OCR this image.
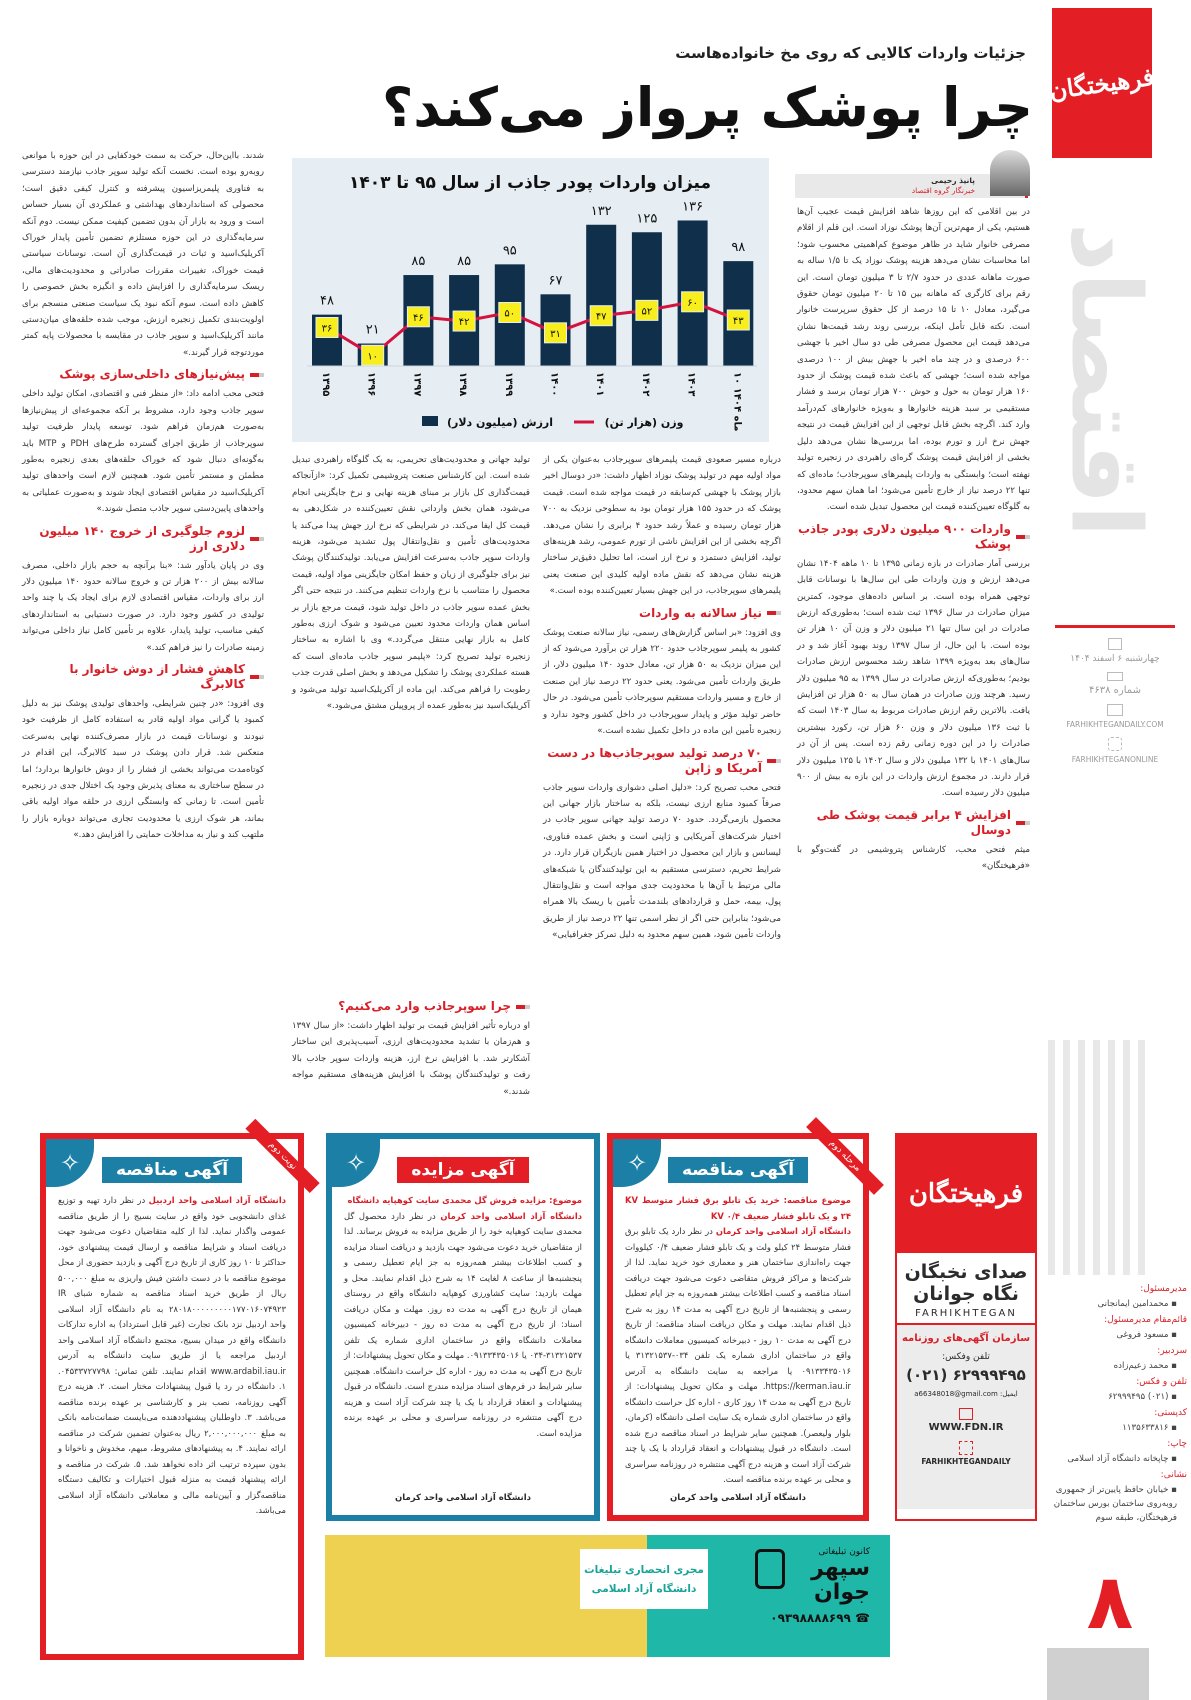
فرهیختگان
اقتصاد
چهارشنبه ۶ اسفند ۱۴۰۴
شماره ۴۶۳۸
FARHIKHTEGANDAILY.COM
FARHIKHTEGANONLINE
مدیرمسئول:
▪ محمدامین ایمانجانی
قائم‌مقام مدیرمسئول:
▪ مسعود فروغی
سردبیر:
▪ محمد زعیم‌زاده
تلفن و فکس:
▪ (۰۲۱) ۶۲۹۹۹۴۹۵
کدپستی:
▪ ۱۱۳۵۶۳۳۸۱۶
چاپ:
▪ چاپخانه دانشگاه آزاد اسلامی
نشانی:
▪ خیابان حافظ پایین‌تر از جمهوری روبه‌روی ساختمان بورس ساختمان فرهیختگان، طبقه سوم
۸
جزئیات واردات کالایی که روی مخ خانواده‌هاست
چرا پوشک پرواز می‌کند؟
پانیذ رحیمی
خبرنگار گروه اقتصاد
میزان واردات پودر جاذب از سال ۹۵ تا ۱۴۰۳
۴۸
۱۳۹۵
۲۱
۱۳۹۶
۸۵
۱۳۹۷
۸۵
۱۳۹۸
۹۵
۱۳۹۹
۶۷
۱۴۰۰
۱۳۲
۱۴۰۱
۱۲۵
۱۴۰۲
۱۳۶
۱۴۰۳
۹۸
۱۰ ماه ۱۴۰۴
۳۶
۱۰
۴۶	۴۲
۵۰
۳۱
۴۷	۵۲
۶۰
۴۳
وزن (هزار تن)
ارزش (میلیون دلار)

در بین اقلامی که این روزها شاهد افزایش قیمت عجیب آن‌ها هستیم، یکی از مهم‌ترین آن‌ها پوشک نوزاد است. این قلم از اقلام مصرفی خانوار شاید در ظاهر موضوع کم‌اهمیتی محسوب شود؛ اما محاسبات نشان می‌دهد هزینه پوشک نوزاد یک تا ۱/۵ ساله به صورت ماهانه عددی در حدود ۲/۷ تا ۳ میلیون تومان است. این رقم برای کارگری که ماهانه بین ۱۵ تا ۲۰ میلیون تومان حقوق می‌گیرد، معادل ۱۰ تا ۱۵ درصد از کل حقوق سرپرست خانوار است. نکته قابل تأمل اینکه، بررسی روند رشد قیمت‌ها نشان می‌دهد قیمت این محصول مصرفی طی دو سال اخیر با جهشی ۶۰۰ درصدی و در چند ماه اخیر با جهش بیش از ۱۰۰ درصدی مواجه شده است؛ جهشی که باعث شده قیمت پوشک از حدود ۱۶۰ هزار تومان به حول و حوش ۷۰۰ هزار تومان برسد و فشار مستقیمی بر سبد هزینه خانوارها و به‌ویژه خانوارهای کم‌درآمد وارد کند. اگرچه بخش قابل توجهی از این افزایش قیمت در نتیجه جهش نرخ ارز و تورم بوده، اما بررسی‌ها نشان می‌دهد دلیل بخشی از افزایش قیمت پوشک گره‌ای راهبردی در زنجیره تولید نهفته است؛ وابستگی به واردات پلیمر‌های سوپرجاذب؛ ماده‌ای که تنها ۲۲ درصد نیاز از خارج تأمین می‌شود؛ اما همان سهم محدود، به گلوگاه تعیین‌کننده قیمت این محصول تبدیل شده است.

واردات ۹۰۰ میلیون دلاری پودر جاذب پوشک

بررسی آمار صادرات در بازه زمانی ۱۳۹۵ تا ۱۰ ماهه ۱۴۰۴ نشان می‌دهد ارزش و وزن واردات طی این سال‌ها با نوسانات قابل توجهی همراه بوده است. بر اساس داده‌های موجود، کمترین میزان صادرات در سال ۱۳۹۶ ثبت شده است؛ به‌طوری‌که ارزش صادرات در این سال تنها ۲۱ میلیون دلار و وزن آن ۱۰ هزار تن بوده است. با این حال، از سال ۱۳۹۷ روند بهبود آغاز شد و در سال‌های بعد به‌ویژه ۱۳۹۹ شاهد رشد محسوس ارزش صادرات بودیم؛ به‌طوری‌که ارزش صادرات در سال ۱۳۹۹ به ۹۵ میلیون دلار رسید. هرچند وزن صادرات در همان سال به ۵۰ هزار تن افزایش یافت. بالاترین رقم ارزش صادرات مربوط به سال ۱۴۰۳ است که با ثبت ۱۳۶ میلیون دلار و وزن ۶۰ هزار تن، رکورد بیشترین صادرات را در این دوره زمانی رقم زده است. پس از آن در سال‌های ۱۴۰۱ با ۱۳۲ میلیون دلار و سال ۱۴۰۲ با ۱۲۵ میلیون دلار قرار دارند. در مجموع ارزش واردات در این بازه به بیش از ۹۰۰ میلیون دلار رسیده است.

افزایش ۴ برابر قیمت پوشک طی دوسال

میثم فتحی محب، کارشناس پتروشیمی در گفت‌وگو با «فرهیختگان»

درباره مسیر صعودی قیمت پلیمر‌های سوپرجاذب به‌عنوان یکی از مواد اولیه مهم در تولید پوشک نوزاد اظهار داشت: «در دوسال اخیر بازار پوشک با جهشی کم‌سابقه در قیمت مواجه شده است. قیمت پوشک که در حدود ۱۵۵ هزار تومان بود به سطوحی نزدیک به ۷۰۰ هزار تومان رسیده و عملاً رشد حدود ۴ برابری را نشان می‌دهد. اگرچه بخشی از این افزایش ناشی از تورم عمومی، رشد هزینه‌های تولید، افزایش دستمزد و نرخ ارز است، اما تحلیل دقیق‌تر ساختار هزینه نشان می‌دهد که نقش ماده اولیه کلیدی این صنعت یعنی پلیمرهای سوپرجاذب، در این جهش بسیار تعیین‌کننده بوده است.»

نیاز سالانه به واردات

وی افزود: «بر اساس گزارش‌های رسمی، نیاز سالانه صنعت پوشک کشور به پلیمر سوپرجاذب حدود ۲۲۰ هزار تن برآورد می‌شود که از این میزان نزدیک به ۵۰ هزار تن، معادل حدود ۱۴۰ میلیون دلار، از طریق واردات تأمین می‌شود. یعنی حدود ۲۲ درصد نیاز این صنعت از خارج و مسیر واردات مستقیم سوپرجاذب تأمین می‌شود. در حال حاضر تولید مؤثر و پایدار سوپرجاذب در داخل کشور وجود ندارد و زنجیره تأمین این ماده در داخل تکمیل نشده است.»

۷۰ درصد تولید سوپرجاذب‌ها در دست آمریکا و ژاپن

فتحی محب تصریح کرد: «دلیل اصلی دشواری واردات سوپر جاذب صرفاً کمبود منابع ارزی نیست، بلکه به ساختار بازار جهانی این محصول بازمی‌گردد. حدود ۷۰ درصد تولید جهانی سوپر جاذب در اختیار شرکت‌های آمریکایی و ژاپنی است و بخش عمده فناوری، لیسانس و بازار این محصول در اختیار همین بازیگران قرار دارد. در شرایط تحریم، دسترسی مستقیم به این تولیدکنندگان یا شبکه‌های مالی مرتبط با آن‌ها با محدودیت جدی مواجه است و نقل‌وانتقال پول، بیمه، حمل و قراردادهای بلندمدت تأمین با ریسک بالا همراه می‌شود؛ بنابراین حتی اگر از نظر اسمی تنها ۲۲ درصد نیاز از طریق واردات تأمین شود، همین سهم محدود به دلیل تمرکز جغرافیایی»

تولید جهانی و محدودیت‌های تحریمی، به یک گلوگاه راهبردی تبدیل شده است. این کارشناس صنعت پتروشیمی تکمیل کرد: «ازآنجاکه قیمت‌گذاری کل بازار بر مبنای هزینه نهایی و نرخ جایگزینی انجام می‌شود، همان بخش وارداتی نقش تعیین‌کننده در شکل‌دهی به قیمت کل ایفا می‌کند. در شرایطی که نرخ ارز جهش پیدا می‌کند یا محدودیت‌های تأمین و نقل‌وانتقال پول تشدید می‌شود، هزینه واردات سوپر جاذب به‌سرعت افزایش می‌یابد. تولیدکنندگان پوشک نیز برای جلوگیری از زیان و حفظ امکان جایگزینی مواد اولیه، قیمت محصول را متناسب با نرخ واردات تنظیم می‌کنند. در نتیجه حتی اگر بخش عمده سوپر جاذب در داخل تولید شود، قیمت مرجع بازار بر اساس همان واردات محدود تعیین می‌شود و شوک ارزی به‌طور کامل به بازار نهایی منتقل می‌گردد.» وی با اشاره به ساختار زنجیره تولید تصریح کرد: «پلیمر سوپر جاذب ماده‌ای است که هسته عملکردی پوشک را تشکیل می‌دهد و بخش اصلی قدرت جذب رطوبت را فراهم می‌کند. این ماده از آکریلیک‌اسید تولید می‌شود و آکریلیک‌اسید نیز به‌طور عمده از پروپیلن مشتق می‌شود.»

چرا سوپرجاذب وارد می‌کنیم؟

او درباره تأثیر افزایش قیمت بر تولید اظهار داشت: «از سال ۱۳۹۷ و هم‌زمان با تشدید محدودیت‌های ارزی، آسیب‌پذیری این ساختار آشکارتر شد. با افزایش نرخ ارز، هزینه واردات سوپر جاذب بالا رفت و تولیدکنندگان پوشک با افزایش هزینه‌های مستقیم مواجه شدند.»

شدند. بااین‌حال، حرکت به سمت خودکفایی در این حوزه با موانعی روبه‌رو بوده است. نخست آنکه تولید سوپر جاذب نیازمند دسترسی به فناوری پلیمریزاسیون پیشرفته و کنترل کیفی دقیق است؛ محصولی که استانداردهای بهداشتی و عملکردی آن بسیار حساس است و ورود به بازار آن بدون تضمین کیفیت ممکن نیست. دوم آنکه سرمایه‌گذاری در این حوزه مستلزم تضمین تأمین پایدار خوراک آکریلیک‌اسید و ثبات در قیمت‌گذاری آن است. نوسانات سیاستی قیمت خوراک، تغییرات مقررات صادراتی و محدودیت‌های مالی، ریسک سرمایه‌گذاری را افزایش داده و انگیزه بخش خصوصی را کاهش داده است. سوم آنکه نبود یک سیاست صنعتی منسجم برای اولویت‌بندی تکمیل زنجیره ارزش، موجب شده حلقه‌های میان‌دستی مانند آکریلیک‌اسید و سوپر جاذب در مقایسه با محصولات پایه کمتر موردتوجه قرار گیرند.»

پیش‌نیازهای داخلی‌سازی پوشک

فتحی محب ادامه داد: «از منظر فنی و اقتصادی، امکان تولید داخلی سوپر جاذب وجود دارد، مشروط بر آنکه مجموعه‌ای از پیش‌نیازها به‌صورت هم‌زمان فراهم شود. توسعه پایدار ظرفیت تولید سوپرجاذب از طریق اجرای گسترده طرح‌های PDH و MTP باید به‌گونه‌ای دنبال شود که خوراک حلقه‌های بعدی زنجیره به‌طور مطمئن و مستمر تأمین شود. همچنین لازم است واحدهای تولید آکریلیک‌اسید در مقیاس اقتصادی ایجاد شوند و به‌صورت عملیاتی به واحدهای پایین‌دستی سوپر جاذب متصل شوند.»

لزوم جلوگیری از خروج ۱۴۰ میلیون دلاری ارز

وی در پایان یادآور شد: «بنا برآنچه به حجم بازار داخلی، مصرف سالانه بیش از ۲۰۰ هزار تن و خروج سالانه حدود ۱۴۰ میلیون دلار ارز برای واردات، مقیاس اقتصادی لازم برای ایجاد یک یا چند واحد تولیدی در کشور وجود دارد. در صورت دستیابی به استانداردهای کیفی مناسب، تولید پایدار، علاوه بر تأمین کامل نیاز داخلی می‌تواند زمینه صادرات را نیز فراهم کند.»

کاهش فشار از دوش خانوار با کالابرگ

وی افزود: «در چنین شرایطی، واحدهای تولیدی پوشک نیز به دلیل کمبود یا گرانی مواد اولیه قادر به استفاده کامل از ظرفیت خود نبودند و نوسانات قیمت در بازار مصرف‌کننده نهایی به‌سرعت منعکس شد. قرار دادن پوشک در سبد کالابرگ، این اقدام در کوتاه‌مدت می‌تواند بخشی از فشار را از دوش خانوارها بردارد؛ اما در سطح ساختاری به معنای پذیرش وجود یک اختلال جدی در زنجیره تأمین است. تا زمانی که وابستگی ارزی در حلقه مواد اولیه باقی بماند، هر شوک ارزی یا محدودیت تجاری می‌تواند دوباره بازار را ملتهب کند و نیاز به مداخلات حمایتی را افزایش دهد.»

فرهیختگان
صدای نخبگان
نگاه جوانان
FARHIKHTEGAN
سازمان آگهی‌های روزنامه
تلفن وفکس:
(۰۲۱) ۶۲۹۹۹۴۹۵
ایمیل: a66348018@gmail.com
WWW.FDN.IR
FARHIKHTEGANDAILY
✧	مرحله دوم
آگهی مناقصه
موضوع مناقصه: خرید یک تابلو برق فشار متوسط KV ۲۴ و یک تابلو فشار ضعیف KV ۰/۴
دانشگاه آزاد اسلامی واحد کرمان در نظر دارد یک تابلو برق فشار متوسط ۲۴ کیلو ولت و یک تابلو فشار ضعیف ۰/۴ کیلووات جهت راه‌اندازی ساختمان هنر و معماری خود خرید نماید. لذا از شرکت‌ها و مراکز فروش متقاضی دعوت می‌شود جهت دریافت اسناد مناقصه و کسب اطلاعات بیشتر همه‌روزه به جز ایام تعطیل رسمی و پنجشنبه‌ها از تاریخ درج آگهی به مدت ۱۴ روز به شرح ذیل اقدام نمایند. مهلت و مکان دریافت اسناد مناقصه: از تاریخ درج آگهی به مدت ۱۰ روز - دبیرخانه کمیسیون معاملات دانشگاه واقع در ساختمان اداری شماره یک تلفن ۰۳۴-۳۱۳۲۱۵۳۷ یا ۰۹۱۳۳۴۳۵۰۱۶ یا مراجعه به سایت دانشگاه به آدرس https://kerman.iau.ir. مهلت و مکان تحویل پیشنهادات: از تاریخ درج آگهی به مدت ۱۴ روز کاری - اداره کل حراست دانشگاه واقع در ساختمان اداری شماره یک سایت اصلی دانشگاه (کرمان، بلوار ولیعصر). همچنین سایر شرایط در اسناد مناقصه درج شده است. دانشگاه در قبول پیشنهادات و انعقاد قرارداد با یک یا چند شرکت آزاد است و هزینه درج آگهی منتشره در روزنامه سراسری و محلی بر عهده برنده مناقصه است.
دانشگاه آزاد اسلامی واحد کرمان
✧	آگهی مزایده
موضوع: مزایده فروش گل محمدی سایت کوهپایه دانشگاه
دانشگاه آزاد اسلامی واحد کرمان در نظر دارد محصول گل محمدی سایت کوهپایه خود را از طریق مزایده به فروش برساند. لذا از متقاضیان خرید دعوت می‌شود جهت بازدید و دریافت اسناد مزایده و کسب اطلاعات بیشتر همه‌روزه به جز ایام تعطیل رسمی و پنجشنبه‌ها از ساعت ۸ لغایت ۱۴ به شرح ذیل اقدام نمایند. محل و مهلت بازدید: سایت کشاورزی کوهپایه دانشگاه واقع در روستای هیمان از تاریخ درج آگهی به مدت ده روز. مهلت و مکان دریافت اسناد: از تاریخ درج آگهی به مدت ده روز - دبیرخانه کمیسیون معاملات دانشگاه واقع در ساختمان اداری شماره یک تلفن ۳۱۳۲۱۵۳۷-۰۳۴ یا ۰۹۱۳۳۴۳۵۰۱۶. مهلت و مکان تحویل پیشنهادات: از تاریخ درج آگهی به مدت ده روز - اداره کل حراست دانشگاه. همچنین سایر شرایط در فرم‌های اسناد مزایده مندرج است. دانشگاه در قبول پیشنهادات و انعقاد قرارداد با یک یا چند شرکت آزاد است و هزینه درج آگهی منتشره در روزنامه سراسری و محلی بر عهده برنده مزایده است.
دانشگاه آزاد اسلامی واحد کرمان
✧	نوبت دوم
آگهی مناقصه
دانشگاه آزاد اسلامی واحد اردبیل در نظر دارد تهیه و توزیع غذای دانشجویی خود واقع در سایت بسیج را از طریق مناقصه عمومی واگذار نماید. لذا از کلیه متقاضیان دعوت می‌شود جهت دریافت اسناد و شرایط مناقصه و ارسال قیمت پیشنهادی خود، حداکثر تا ۱۰ روز کاری از تاریخ درج آگهی و بازدید حضوری از محل موضوع مناقصه با در دست داشتن فیش واریزی به مبلغ ۵۰۰,۰۰۰ ریال از طریق خرید اسناد مناقصه به شماره شبای IR ۲۸۰۱۸۰۰۰۰۰۰۰۰۰۱۷۷۰۱۶۰۷۴۹۲۳ به نام دانشگاه آزاد اسلامی واحد اردبیل نزد بانک تجارت (غیر قابل استرداد) به اداره تدارکات دانشگاه واقع در میدان بسیج، مجتمع دانشگاه آزاد اسلامی واحد اردبیل مراجعه یا از طریق سایت دانشگاه به آدرس www.ardabil.iau.ir اقدام نمایند. تلفن تماس: ۰۴۵۳۳۷۲۷۷۹۸. ۱. دانشگاه در رد یا قبول پیشنهادات مختار است. ۲. هزینه درج آگهی روزنامه، نصب بنر و کارشناسی بر عهده برنده مناقصه می‌باشد. ۳. داوطلبان پیشنهاددهنده می‌بایست ضمانت‌نامه بانکی به مبلغ ۲,۰۰۰,۰۰۰,۰۰۰ ریال به‌عنوان تضمین شرکت در مناقصه ارائه نمایند. ۴. به پیشنهادهای مشروط، مبهم، مخدوش و ناخوانا و بدون سپرده ترتیب اثر داده نخواهد شد. ۵. شرکت در مناقصه و ارائه پیشنهاد قیمت به منزله قبول اختیارات و تکالیف دستگاه مناقصه‌گزار و آیین‌نامه مالی و معاملاتی دانشگاه آزاد اسلامی می‌باشد.
مجری انحصاری تبلیغات
دانشگاه آزاد اسلامی
کانون تبلیغاتی
سپهر
جوان
☎ ۰۹۳۹۸۸۸۸۶۹۹
